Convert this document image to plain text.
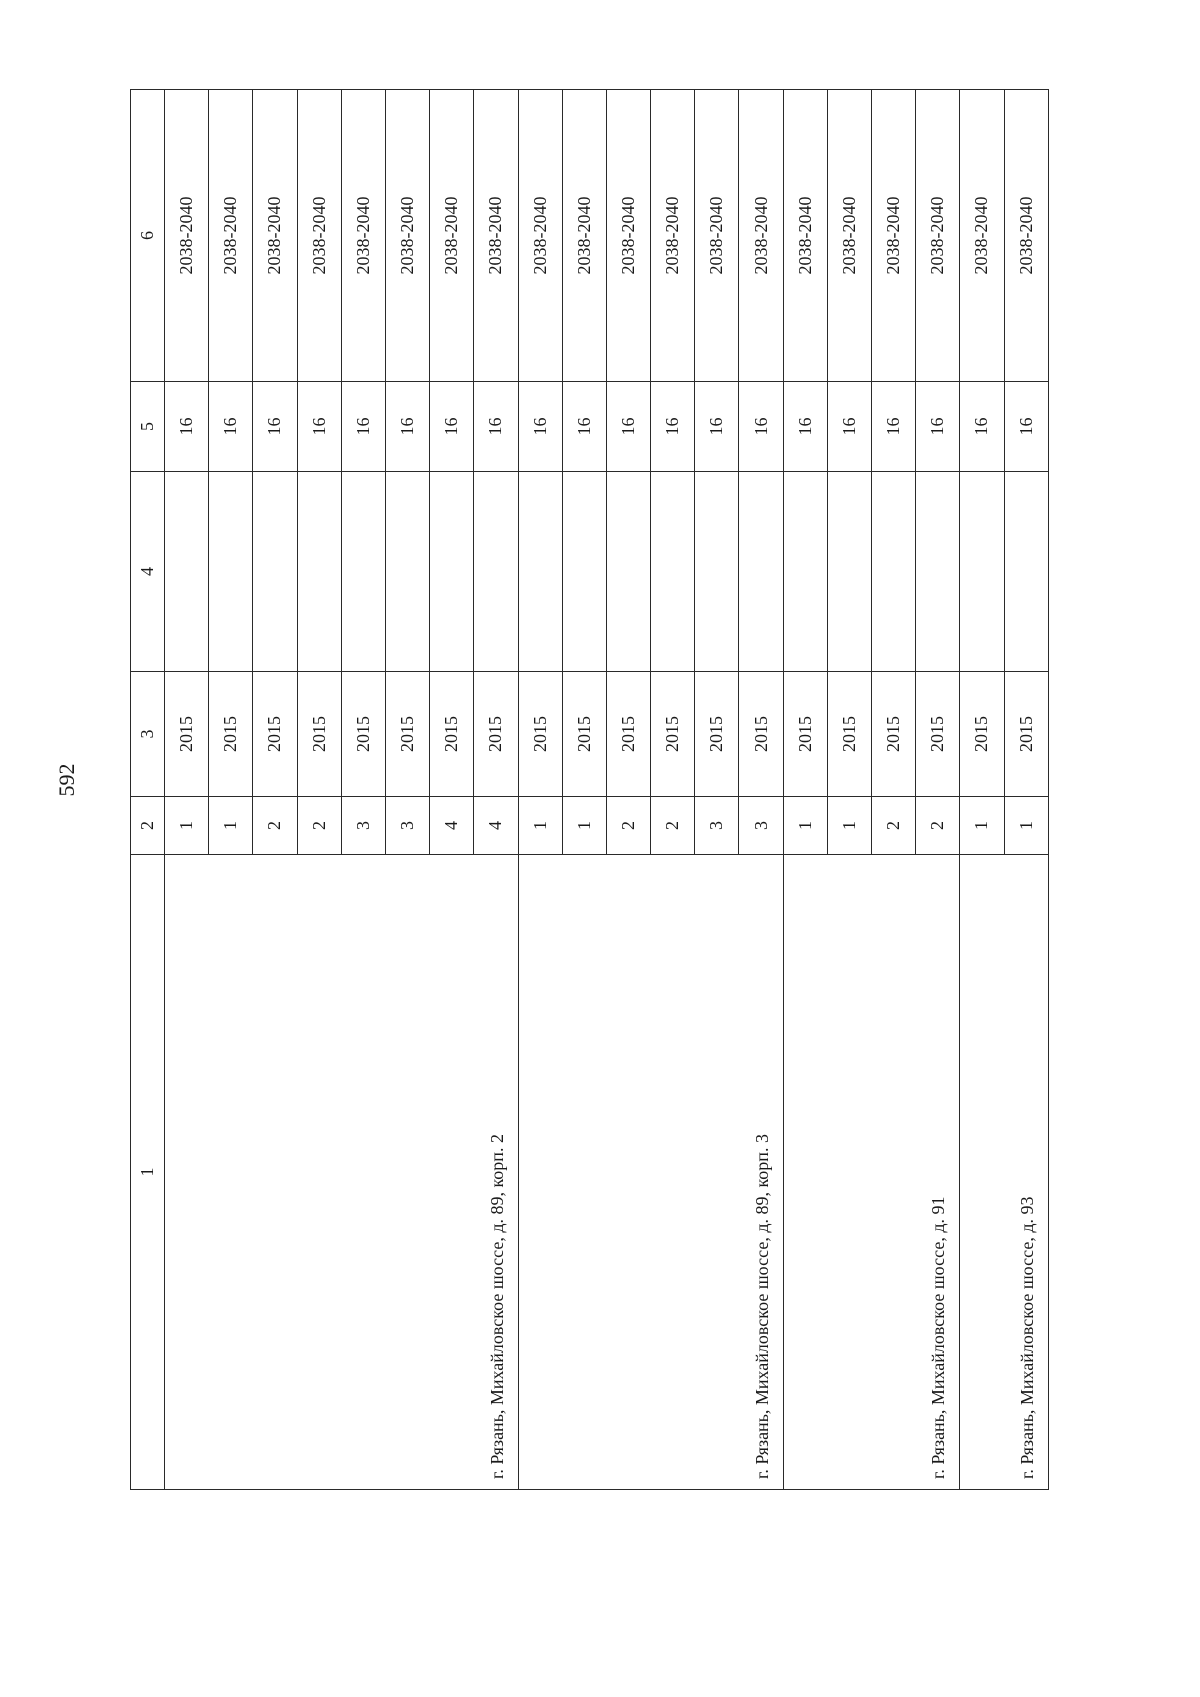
592
1	2	3	4	5	6
г. Рязань, Михайловское шоссе, д. 89, корп. 2	1	2015		16	2038-2040
	1	2015		16	2038-2040
	2	2015		16	2038-2040
	2	2015		16	2038-2040
	3	2015		16	2038-2040
	3	2015		16	2038-2040
	4	2015		16	2038-2040
	4	2015		16	2038-2040
г. Рязань, Михайловское шоссе, д. 89, корп. 3	1	2015		16	2038-2040
	1	2015		16	2038-2040
	2	2015		16	2038-2040
	2	2015		16	2038-2040
	3	2015		16	2038-2040
	3	2015		16	2038-2040
г. Рязань, Михайловское шоссе, д. 91	1	2015		16	2038-2040
	1	2015		16	2038-2040
	2	2015		16	2038-2040
	2	2015		16	2038-2040
г. Рязань, Михайловское шоссе, д. 93	1	2015		16	2038-2040
	1	2015		16	2038-2040
